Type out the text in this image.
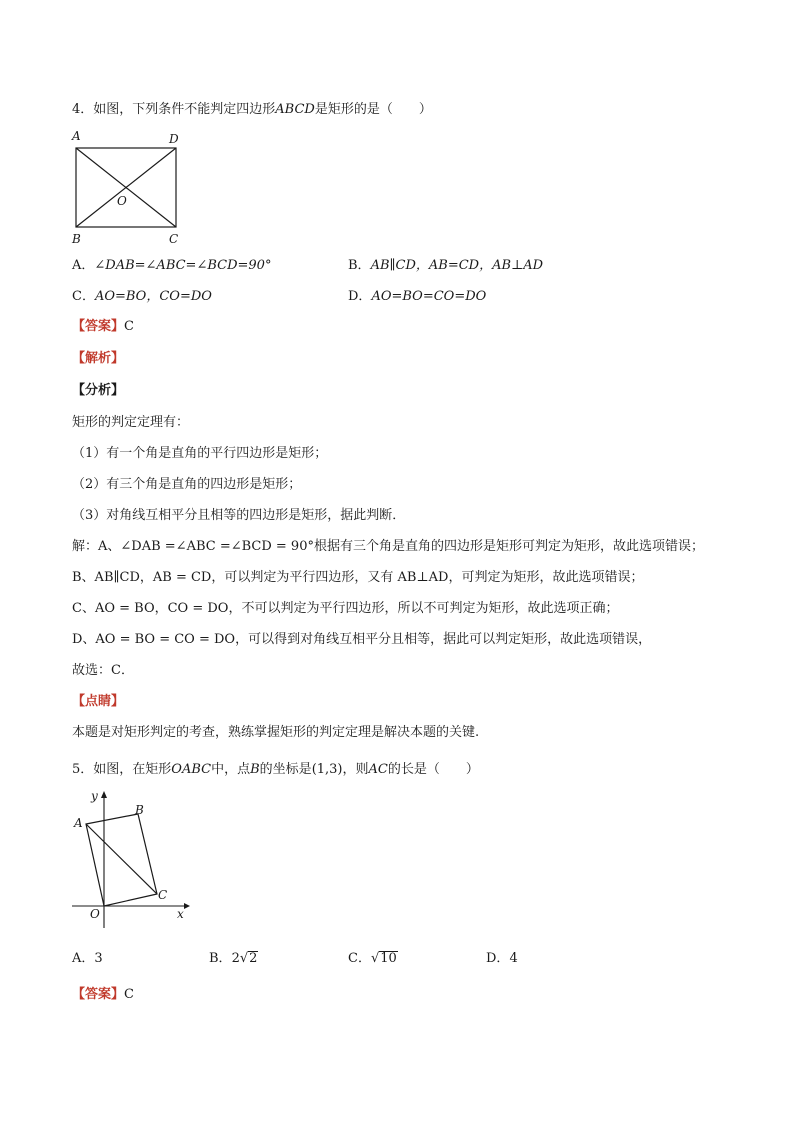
4．如图，下列条件不能判定四边形ABCD是矩形的是（　　）
A	D
B	C
O
A．∠DAB=∠ABC=∠BCD=90°	B．AB∥CD，AB=CD，AB⊥AD
C．AO=BO，CO=DO	D．AO=BO=CO=DO
【答案】C
【解析】
【分析】
矩形的判定定理有：
（1）有一个角是直角的平行四边形是矩形；
（2）有三个角是直角的四边形是矩形；
（3）对角线互相平分且相等的四边形是矩形，据此判断．
解：A、∠DAB =∠ABC =∠BCD = 90°根据有三个角是直角的四边形是矩形可判定为矩形，故此选项错误；
B、AB∥CD，AB = CD，可以判定为平行四边形，又有 AB⊥AD，可判定为矩形，故此选项错误；
C、AO = BO，CO = DO，不可以判定为平行四边形，所以不可判定为矩形，故此选项正确；
D、AO = BO = CO = DO，可以得到对角线互相平分且相等，据此可以判定矩形，故此选项错误，
故选：C．
【点睛】
本题是对矩形判定的考查，熟练掌握矩形的判定定理是解决本题的关键.
5．如图，在矩形OABC中，点B的坐标是(1,3)，则AC的长是（　　）
y
x
A
B
C
O
A．3	B．2√2	C．√10	D．4
【答案】C
